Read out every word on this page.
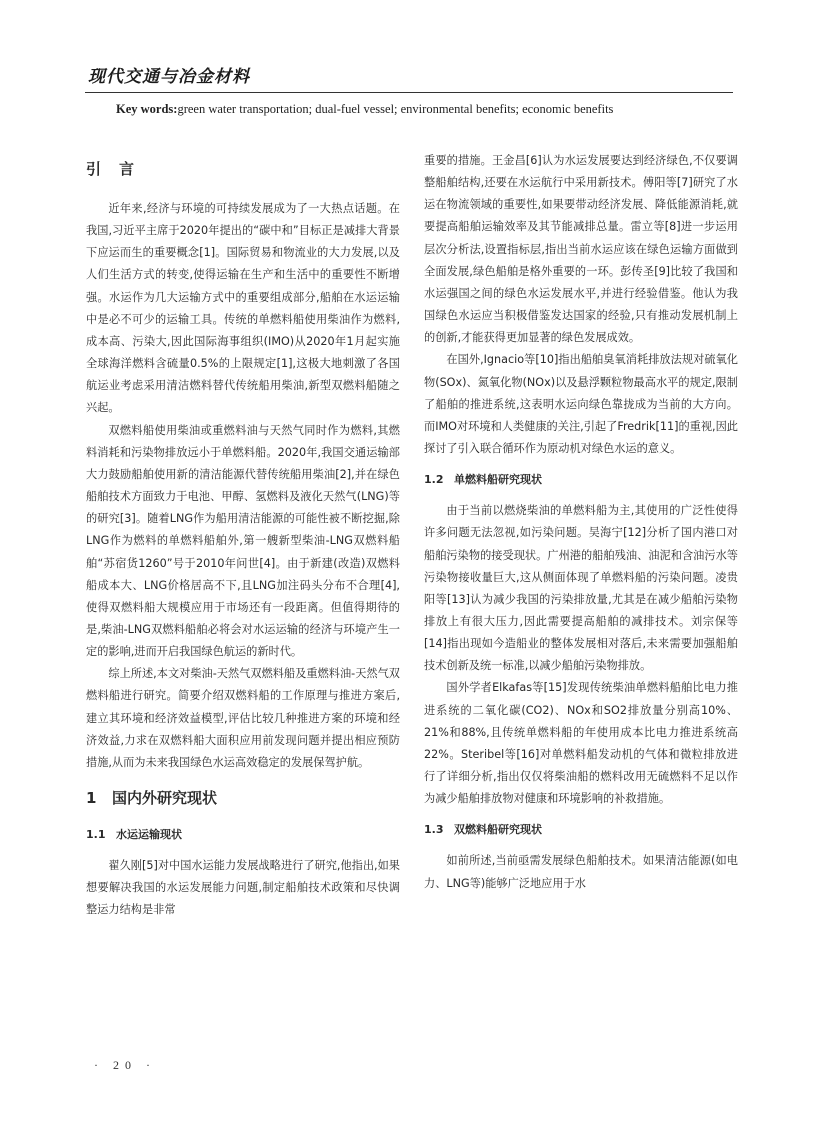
现代交通与冶金材料
Key words:green water transportation; dual-fuel vessel; environmental benefits; economic benefits
引言

近年来,经济与环境的可持续发展成为了一大热点话题。在我国,习近平主席于2020年提出的“碳中和”目标正是减排大背景下应运而生的重要概念[1]。国际贸易和物流业的大力发展,以及人们生活方式的转变,使得运输在生产和生活中的重要性不断增强。水运作为几大运输方式中的重要组成部分,船舶在水运运输中是必不可少的运输工具。传统的单燃料船使用柴油作为燃料,成本高、污染大,因此国际海事组织(IMO)从2020年1月起实施全球海洋燃料含硫量0.5%的上限规定[1],这极大地刺激了各国航运业考虑采用清洁燃料替代传统船用柴油,新型双燃料船随之兴起。

双燃料船使用柴油或重燃料油与天然气同时作为燃料,其燃料消耗和污染物排放远小于单燃料船。2020年,我国交通运输部大力鼓励船舶使用新的清洁能源代替传统船用柴油[2],并在绿色船舶技术方面致力于电池、甲醇、氢燃料及液化天然气(LNG)等的研究[3]。随着LNG作为船用清洁能源的可能性被不断挖掘,除LNG作为燃料的单燃料船舶外,第一艘新型柴油-LNG双燃料船舶“苏宿货1260”号于2010年问世[4]。由于新建(改造)双燃料船成本大、LNG价格居高不下,且LNG加注码头分布不合理[4],使得双燃料船大规模应用于市场还有一段距离。但值得期待的是,柴油-LNG双燃料船舶必将会对水运运输的经济与环境产生一定的影响,进而开启我国绿色航运的新时代。

综上所述,本文对柴油-天然气双燃料船及重燃料油-天然气双燃料船进行研究。简要介绍双燃料船的工作原理与推进方案后,建立其环境和经济效益模型,评估比较几种推进方案的环境和经济效益,力求在双燃料船大面积应用前发现问题并提出相应预防措施,从而为未来我国绿色水运高效稳定的发展保驾护航。

1 国内外研究现状
1.1 水运运输现状

翟久刚[5]对中国水运能力发展战略进行了研究,他指出,如果想要解决我国的水运发展能力问题,制定船舶技术政策和尽快调整运力结构是非常

重要的措施。王金昌[6]认为水运发展要达到经济绿色,不仅要调整船舶结构,还要在水运航行中采用新技术。傅阳等[7]研究了水运在物流领域的重要性,如果要带动经济发展、降低能源消耗,就要提高船舶运输效率及其节能减排总量。雷立等[8]进一步运用层次分析法,设置指标层,指出当前水运应该在绿色运输方面做到全面发展,绿色船舶是格外重要的一环。彭传圣[9]比较了我国和水运强国之间的绿色水运发展水平,并进行经验借鉴。他认为我国绿色水运应当积极借鉴发达国家的经验,只有推动发展机制上的创新,才能获得更加显著的绿色发展成效。

在国外,Ignacio等[10]指出船舶臭氧消耗排放法规对硫氧化物(SOx)、氮氧化物(NOx)以及悬浮颗粒物最高水平的规定,限制了船舶的推进系统,这表明水运向绿色靠拢成为当前的大方向。而IMO对环境和人类健康的关注,引起了Fredrik[11]的重视,因此探讨了引入联合循环作为原动机对绿色水运的意义。

1.2 单燃料船研究现状

由于当前以燃烧柴油的单燃料船为主,其使用的广泛性使得许多问题无法忽视,如污染问题。吴海宁[12]分析了国内港口对船舶污染物的接受现状。广州港的船舶残油、油泥和含油污水等污染物接收量巨大,这从侧面体现了单燃料船的污染问题。凌贵阳等[13]认为减少我国的污染排放量,尤其是在减少船舶污染物排放上有很大压力,因此需要提高船舶的减排技术。刘宗保等[14]指出现如今造船业的整体发展相对落后,未来需要加强船舶技术创新及统一标准,以减少船舶污染物排放。

国外学者Elkafas等[15]发现传统柴油单燃料船舶比电力推进系统的二氧化碳(CO2)、NOx和SO2排放量分别高10%、21%和88%,且传统单燃料船的年使用成本比电力推进系统高22%。Steribel等[16]对单燃料船发动机的气体和微粒排放进行了详细分析,指出仅仅将柴油船的燃料改用无硫燃料不足以作为减少船舶排放物对健康和环境影响的补救措施。

1.3 双燃料船研究现状

如前所述,当前亟需发展绿色船舶技术。如果清洁能源(如电力、LNG等)能够广泛地应用于水

· 20 ·
